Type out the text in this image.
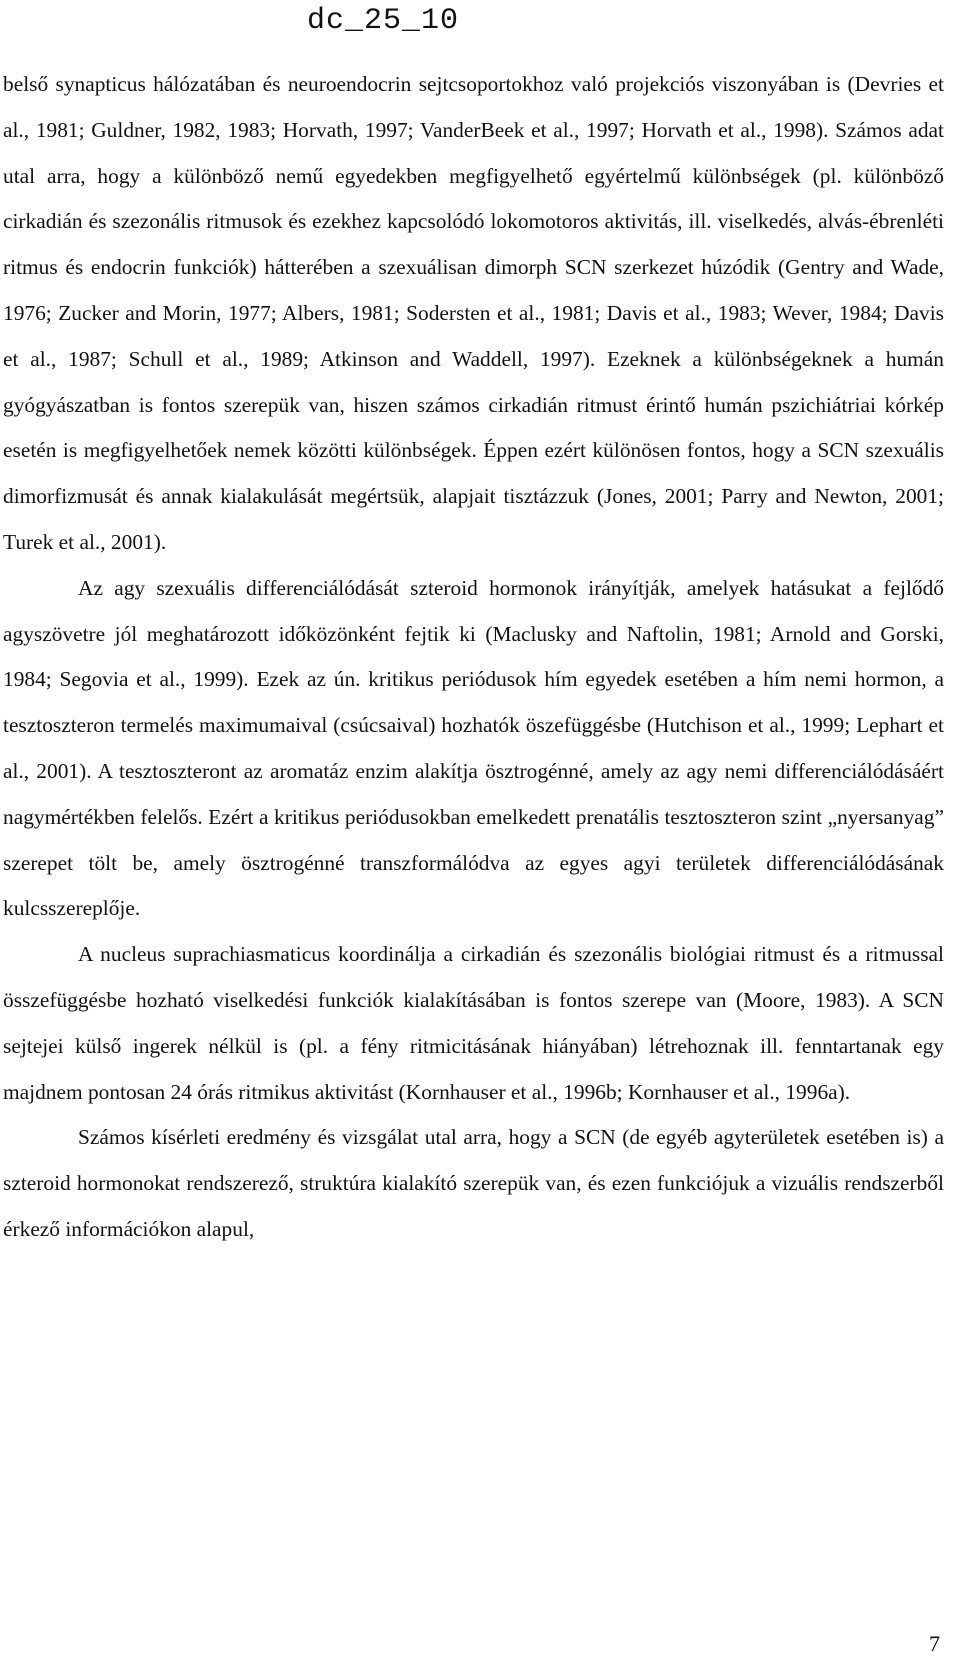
dc_25_10

belső synapticus hálózatában és neuroendocrin sejtcsoportokhoz való projekciós viszonyában is (Devries et al., 1981; Guldner, 1982, 1983; Horvath, 1997; VanderBeek et al., 1997; Horvath et al., 1998). Számos adat utal arra, hogy a különböző nemű egyedekben megfigyelhető egyértelmű különbségek (pl. különböző cirkadián és szezonális ritmusok és ezekhez kapcsolódó lokomotoros aktivitás, ill. viselkedés, alvás-ébrenléti ritmus és endocrin funkciók) hátterében a szexuálisan dimorph SCN szerkezet húzódik (Gentry and Wade, 1976; Zucker and Morin, 1977; Albers, 1981; Sodersten et al., 1981; Davis et al., 1983; Wever, 1984; Davis et al., 1987; Schull et al., 1989; Atkinson and Waddell, 1997). Ezeknek a különbségeknek a humán gyógyászatban is fontos szerepük van, hiszen számos cirkadián ritmust érintő humán pszichiátriai kórkép esetén is megfigyelhetőek nemek közötti különbségek. Éppen ezért különösen fontos, hogy a SCN szexuális dimorfizmusát és annak kialakulását megértsük, alapjait tisztázzuk (Jones, 2001; Parry and Newton, 2001; Turek et al., 2001).

Az agy szexuális differenciálódását szteroid hormonok irányítják, amelyek hatásukat a fejlődő agyszövetre jól meghatározott időközönként fejtik ki (Maclusky and Naftolin, 1981; Arnold and Gorski, 1984; Segovia et al., 1999). Ezek az ún. kritikus periódusok hím egyedek esetében a hím nemi hormon, a tesztoszteron termelés maximumaival (csúcsaival) hozhatók öszefüggésbe (Hutchison et al., 1999; Lephart et al., 2001). A tesztoszteront az aromatáz enzim alakítja ösztrogénné, amely az agy nemi differenciálódásáért nagymértékben felelős. Ezért a kritikus periódusokban emelkedett prenatális tesztoszteron szint „nyersanyag” szerepet tölt be, amely ösztrogénné transzformálódva az egyes agyi területek differenciálódásának kulcsszereplője.

A nucleus suprachiasmaticus koordinálja a cirkadián és szezonális biológiai ritmust és a ritmussal összefüggésbe hozható viselkedési funkciók kialakításában is fontos szerepe van (Moore, 1983). A SCN sejtejei külső ingerek nélkül is (pl. a fény ritmicitásának hiányában) létrehoznak ill. fenntartanak egy majdnem pontosan 24 órás ritmikus aktivitást (Kornhauser et al., 1996b; Kornhauser et al., 1996a).

Számos kísérleti eredmény és vizsgálat utal arra, hogy a SCN (de egyéb agyterületek esetében is) a szteroid hormonokat rendszerező, struktúra kialakító szerepük van, és ezen funkciójuk a vizuális rendszerből érkező információkon alapul,

7
